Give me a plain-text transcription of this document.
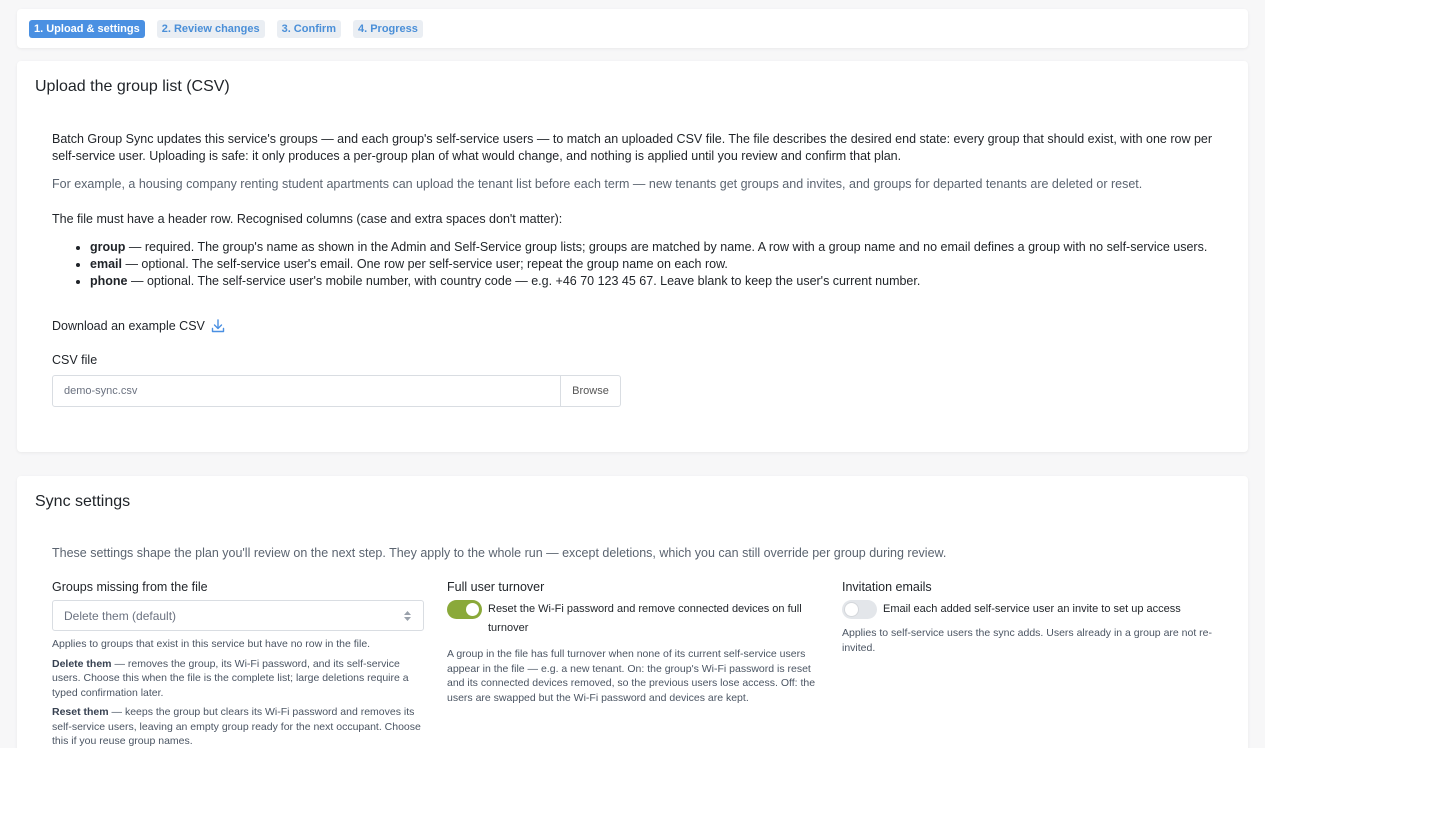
1. Upload & settings	2. Review changes	3. Confirm	4. Progress
Upload the group list (CSV)

Batch Group Sync updates this service's groups — and each group's self-service users — to match an uploaded CSV file. The file describes the desired end state: every group that should exist, with one row per self-service user. Uploading is safe: it only produces a per-group plan of what would change, and nothing is applied until you review and confirm that plan.

For example, a housing company renting student apartments can upload the tenant list before each term — new tenants get groups and invites, and groups for departed tenants are deleted or reset.

The file must have a header row. Recognised columns (case and extra spaces don't matter):

• group — required. The group's name as shown in the Admin and Self-Service group lists; groups are matched by name. A row with a group name and no email defines a group with no self-service users.
• email — optional. The self-service user's email. One row per self-service user; repeat the group name on each row.
• phone — optional. The self-service user's mobile number, with country code — e.g. +46 70 123 45 67. Leave blank to keep the user's current number.
Download an example CSV
CSV file
demo-sync.csv	Browse
Sync settings

These settings shape the plan you'll review on the next step. They apply to the whole run — except deletions, which you can still override per group during review.

Groups missing from the file
Delete them (default)

Applies to groups that exist in this service but have no row in the file.

Delete them — removes the group, its Wi-Fi password, and its self-service users. Choose this when the file is the complete list; large deletions require a typed confirmation later.

Reset them — keeps the group but clears its Wi-Fi password and removes its self-service users, leaving an empty group ready for the next occupant. Choose this if you reuse group names.

Full user turnover
Reset the Wi-Fi password and remove connected devices on full turnover

A group in the file has full turnover when none of its current self-service users appear in the file — e.g. a new tenant. On: the group's Wi-Fi password is reset and its connected devices removed, so the previous users lose access. Off: the users are swapped but the Wi-Fi password and devices are kept.

Invitation emails
Email each added self-service user an invite to set up access

Applies to self-service users the sync adds. Users already in a group are not re-invited.
